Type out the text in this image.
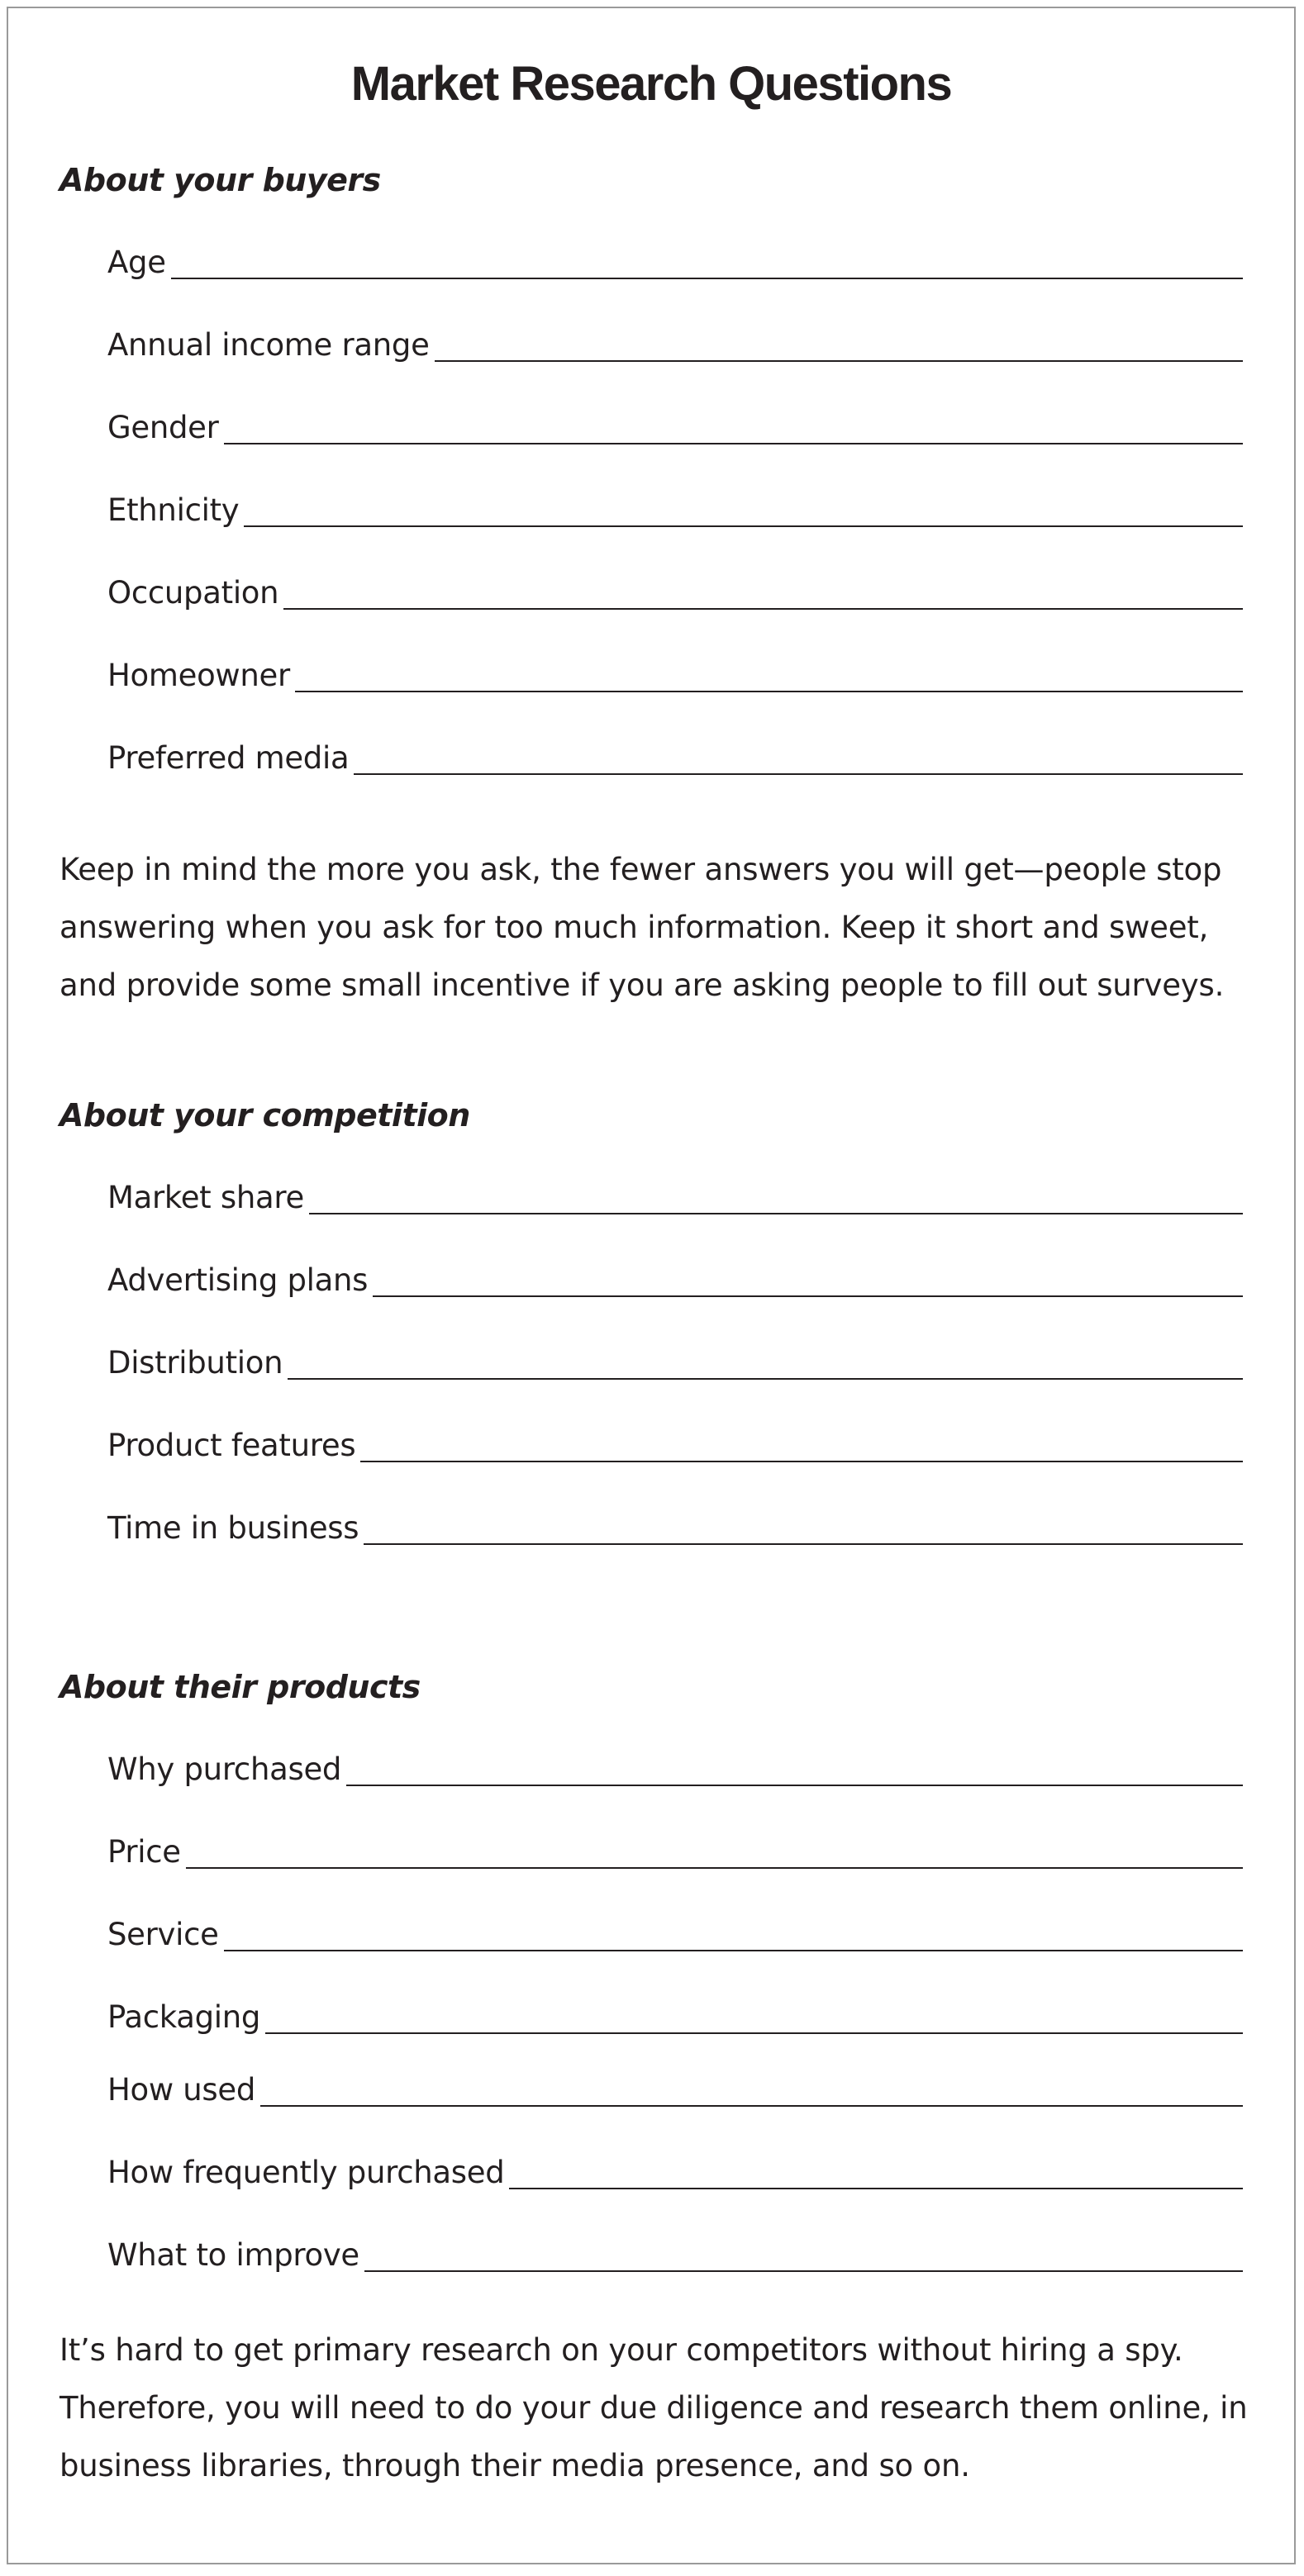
Market Research Questions
About your buyers
Age
Annual income range
Gender
Ethnicity
Occupation
Homeowner
Preferred media

Keep in mind the more you ask, the fewer answers you will get—people stop answering when you ask for too much information. Keep it short and sweet, and provide some small incentive if you are asking people to fill out surveys.

About your competition
Market share
Advertising plans
Distribution
Product features
Time in business
About their products
Why purchased
Price
Service
Packaging
How used
How frequently purchased
What to improve

It’s hard to get primary research on your competitors without hiring a spy. Therefore, you will need to do your due diligence and research them online, in business libraries, through their media presence, and so on.
